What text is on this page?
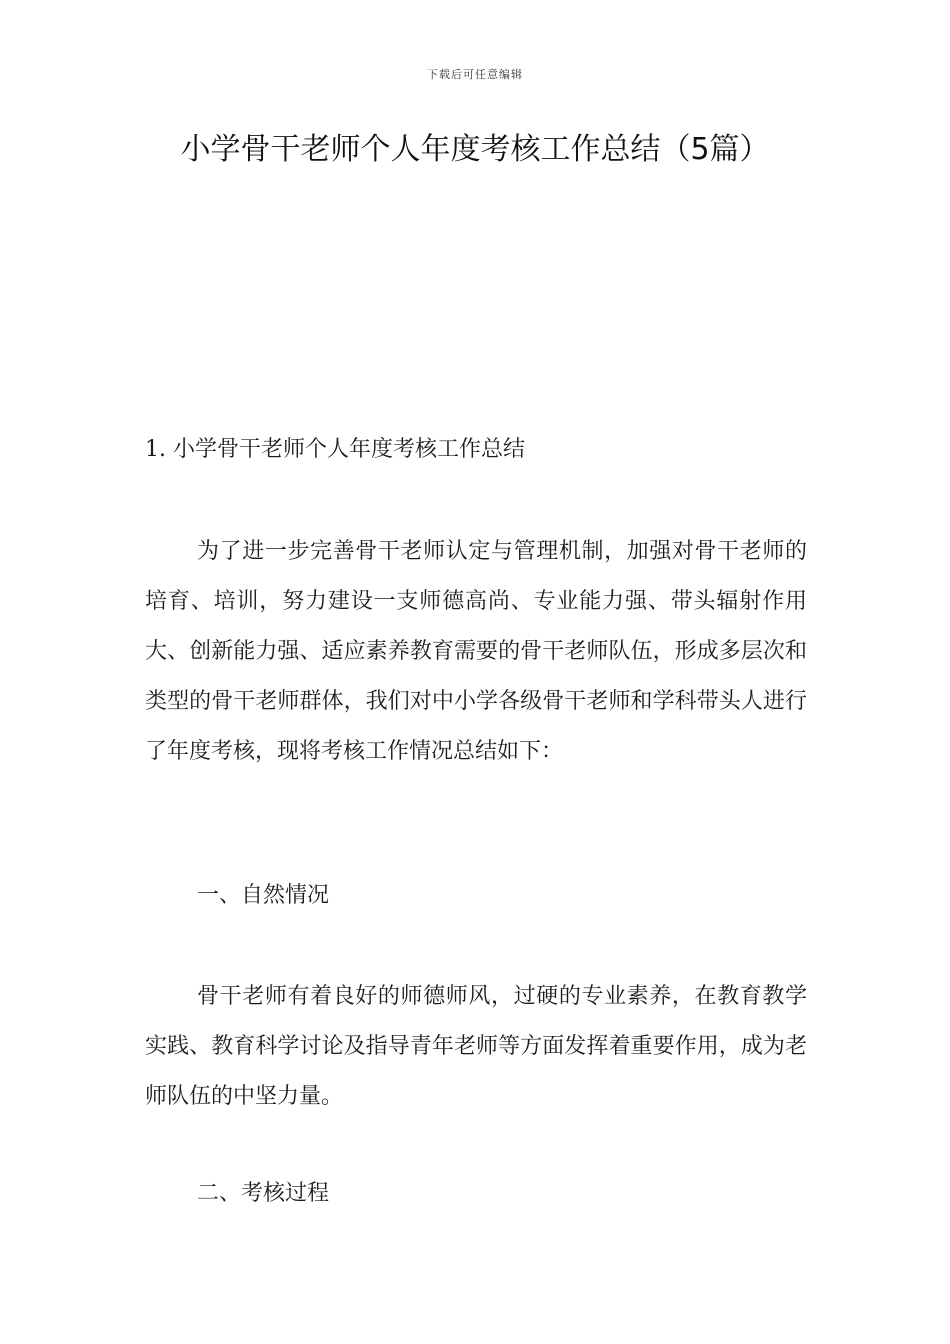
下载后可任意编辑
小学骨干老师个人年度考核工作总结（5篇）
1. 小学骨干老师个人年度考核工作总结

为了进一步完善骨干老师认定与管理机制，加强对骨干老师的培育、培训，努力建设一支师德高尚、专业能力强、带头辐射作用大、创新能力强、适应素养教育需要的骨干老师队伍，形成多层次和类型的骨干老师群体，我们对中小学各级骨干老师和学科带头人进行了年度考核，现将考核工作情况总结如下：

一、自然情况

骨干老师有着良好的师德师风，过硬的专业素养，在教育教学实践、教育科学讨论及指导青年老师等方面发挥着重要作用，成为老师队伍的中坚力量。

二、考核过程
